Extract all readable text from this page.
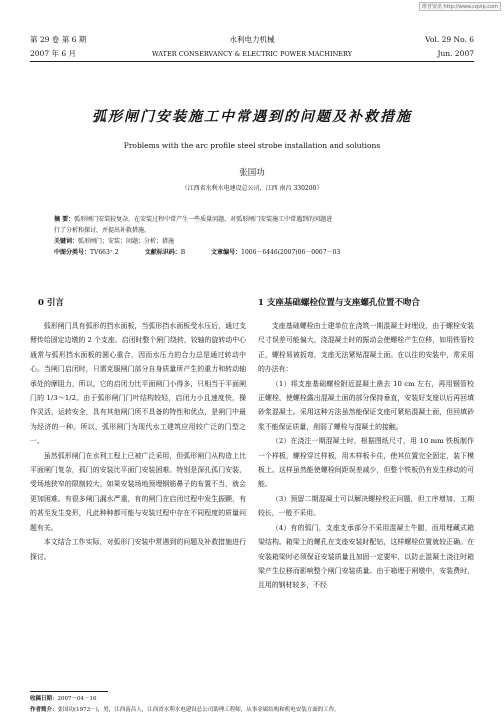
维普资讯 http://www.cqvip.com
第 29 卷 第 6 期
2007 年 6 月
水利电力机械
WATER CONSERVANCY & ELECTRIC POWER MACHINERY
Vol. 29 No. 6
Jun. 2007
弧形闸门安装施工中常遇到的问题及补救措施
Problems with the arc profile steel strobe installation and solutions
张国功
（江西省水利水电建设总公司，江西 南昌 330200）

摘 要：弧形闸门安装较复杂，在安装过程中常产生一些质量问题。对弧形闸门安装施工中常遇到的问题进

行了分析和探讨，并提出补救措施。

关键词：弧形闸门；安装；问题；分析；措施

中图分类号：TV663⁺.2	文献标识码：B	文章编号：1006－6446(2007)06－0067－03
0 引言

弧形闸门具有弧形的挡水面板，当弧形挡水面板受水压后，通过支臂传给固定边墩的 2 个支座。启闭时整个闸门绕转，铰轴的旋转动中心通常与弧形挡水面板的圆心重合，因而水压力的合力总是通过转动中心。当闸门启闭时，只需克服闸门部分自身质量所产生的重力和转动轴承处的摩阻力，所以，它的启闭力比平面闸门小得多，只相当于平面闸门的 1/3～1/2。由于弧形闸门门叶结构较轻，启闭力小且速度快，操作灵活，运转安全，具有其他闸门所不具备的特性和优点，是闸门中最为经济的一种。所以，弧形闸门为现代水工建筑应用较广泛的门型之一。

虽然弧形闸门在水利工程上已被广泛采用，但弧形闸门从构造上比平面闸门复杂，孤门的安装比平面门安装困难。特别是深孔孤门安装，受场地狭窄的限制较大，如果安装场地预埋钢筋鼻子的布置不当，就会更加困难。有很多闸门漏水严重，有的闸门在启闭过程中发生振颤，有的甚至发生变形，凡此种种都可能与安装过程中存在不同程度的质量问题有关。

本文结合工作实际，对弧形门安装中常遇到的问题及补救措施进行探讨。

1 支座基础螺栓位置与支座螺孔位置不吻合

支座基础螺栓由土建单位在浇筑一期混凝土时埋设，由于螺栓安装尺寸误差可能偏大，浇混凝土时的振动会使螺栓产生位移，如用铁管校正，螺栓易被扳弯，支座无法紧贴混凝土面。在以往的安装中，常采用的办法有：

（1）将支座基础螺栓附近混凝土凿去 10 cm 左右，再用钢管校正螺栓，使螺栓露出混凝土面的部分保持垂直，安装好支座以后再回填砂浆混凝土。采用这种方法虽然能保证支座可紧贴混凝土面，但回填砂浆不能保证质量，削弱了螺栓与混凝土的接触。

（2）在浇注一期混凝土时，根据图纸尺寸，用 10 mm 铁板制作一个样板，螺栓穿过样板，用木样板卡住，使其位置完全固定，装下模板上。这样虽然能使螺栓间距误差减少，但整个铁板仍有发生移动的可能。

（3）预留二期混凝土可以解决螺栓校正问题，但工序增加，工期较长，一般不采用。

（4）有的弧门，支座支承部分不采用混凝土牛腿，而用埋藏式箱梁结构。箱梁上的螺孔在支座安装时配钻，这样螺栓位置就较正确。在安装箱梁时必须保证安装质量且加固一定要牢，以防止混凝土浇注时箱梁产生位移而影响整个闸门安装质量。由于箱埋于闸墩中，安装费时，且用的钢材较多，不经

收稿日期：2007－04－16
作者简介：张国功(1973－)，男，江西南昌人，江西省水利水电建设总公司助理工程师，从事金属结构和机电安装方面的工作。
